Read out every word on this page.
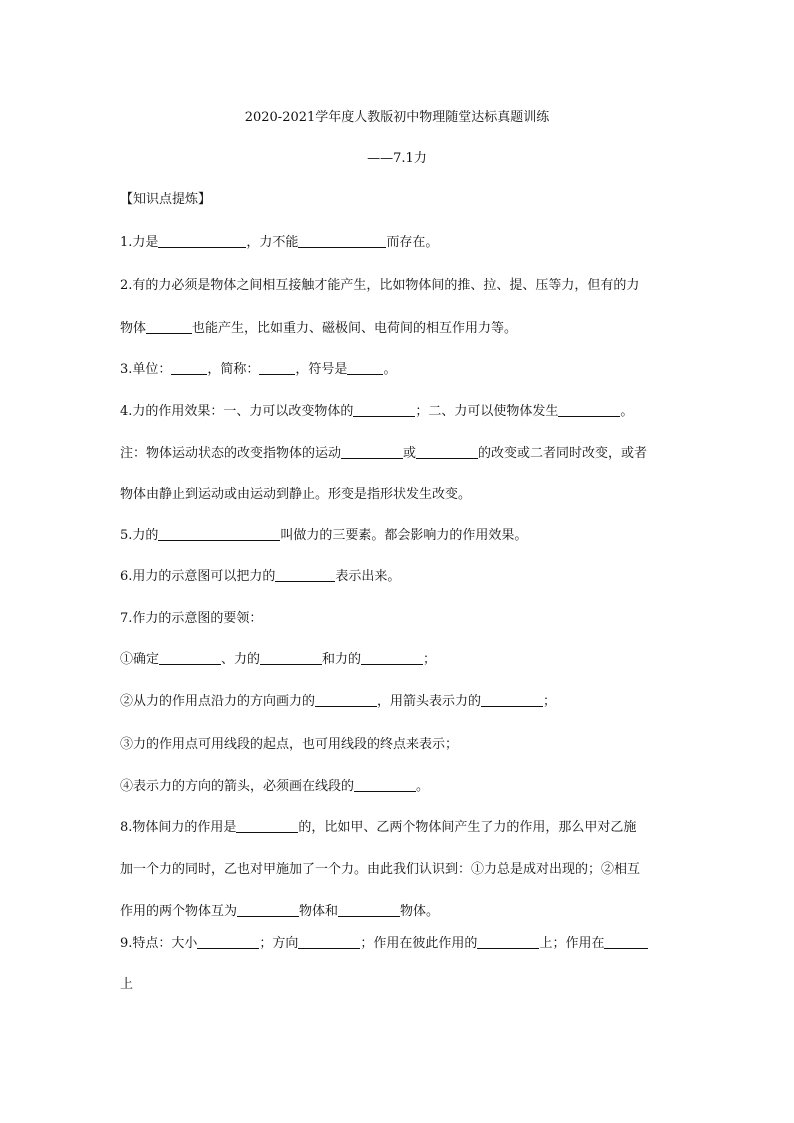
2020-2021学年度人教版初中物理随堂达标真题训练
——7.1力
【知识点提炼】
1.力是	，力不能	而存在。
2.有的力必须是物体之间相互接触才能产生，比如物体间的推、拉、提、压等力，但有的力
物体	也能产生，比如重力、磁极间、电荷间的相互作用力等。
3.单位：	，简称：	，符号是	。
4.力的作用效果：一、力可以改变物体的	；二、力可以使物体发生	。
注：物体运动状态的改变指物体的运动	或	的改变或二者同时改变，或者
物体由静止到运动或由运动到静止。形变是指形状发生改变。
5.力的	叫做力的三要素。都会影响力的作用效果。
6.用力的示意图可以把力的	表示出来。
7.作力的示意图的要领：
①确定	、力的	和力的	；
②从力的作用点沿力的方向画力的	，用箭头表示力的	；
③力的作用点可用线段的起点，也可用线段的终点来表示；
④表示力的方向的箭头，必须画在线段的	。
8.物体间力的作用是	的，比如甲、乙两个物体间产生了力的作用，那么甲对乙施
加一个力的同时，乙也对甲施加了一个力。由此我们认识到：①力总是成对出现的；②相互
作用的两个物体互为	物体和	物体。
9.特点：大小	；方向	；作用在彼此作用的	上；作用在
上
